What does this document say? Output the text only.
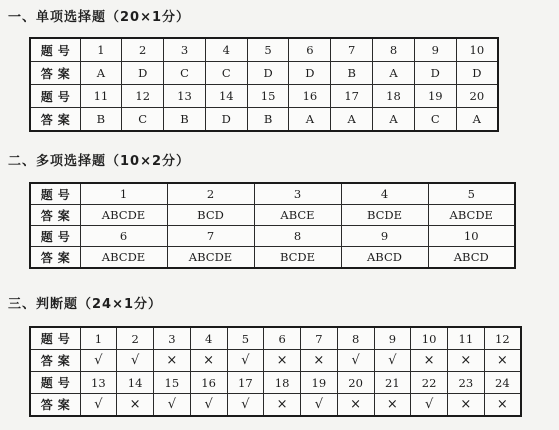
一、单项选择题（20×1分）
题号	1	2	3	4	5	6	7	8	9	10
答案	A	D	C	C	D	D	B	A	D	D
题号	11	12	13	14	15	16	17	18	19	20
答案	B	C	B	D	B	A	A	A	C	A
二、多项选择题（10×2分）
题号	1	2	3	4	5
答案	ABCDE	BCD	ABCE	BCDE	ABCDE
题号	6	7	8	9	10
答案	ABCDE	ABCDE	BCDE	ABCD	ABCD
三、判断题（24×1分）
题号	1	2	3	4	5	6	7	8	9	10	11	12
答案	√	√	×	×	√	×	×	√	√	×	×	×
题号	13	14	15	16	17	18	19	20	21	22	23	24
答案	√	×	√	√	√	×	√	×	×	√	×	×
